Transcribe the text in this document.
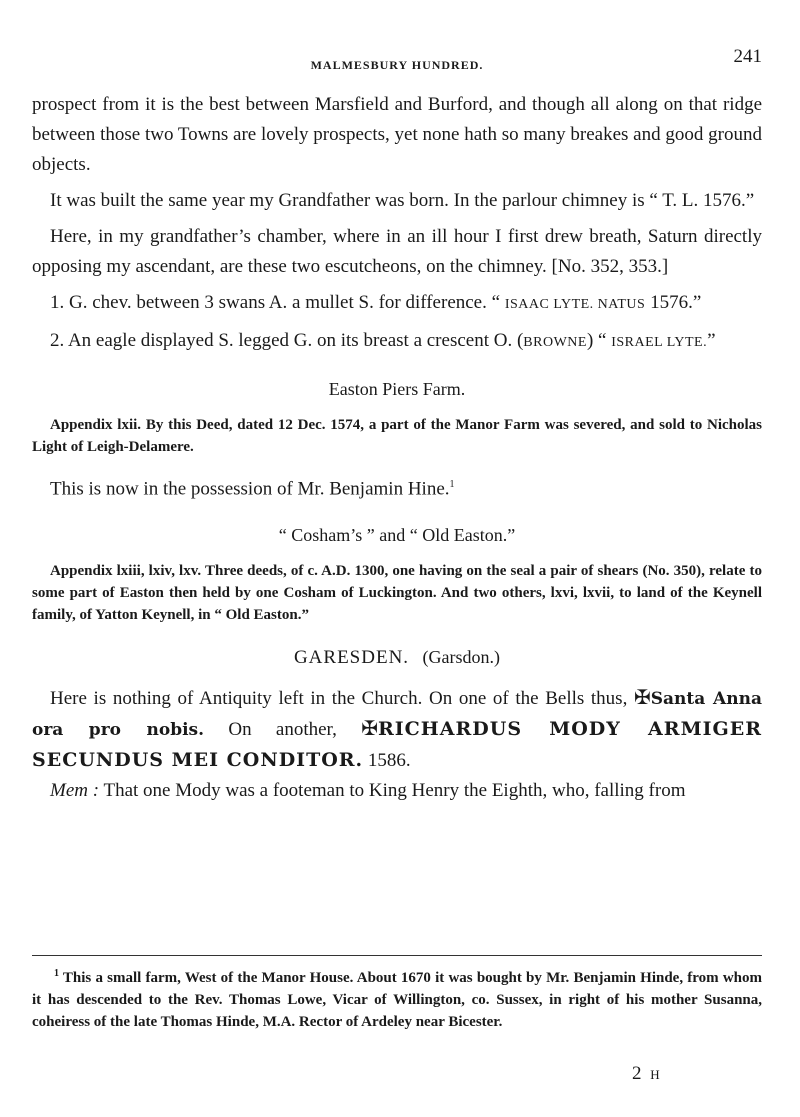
MALMESBURY HUNDRED.	241

prospect from it is the best between Marsfield and Burford, and though all along on that ridge between those two Towns are lovely prospects, yet none hath so many breakes and good ground objects.

It was built the same year my Grandfather was born. In the parlour chimney is “ T. L. 1576.”

Here, in my grandfather’s chamber, where in an ill hour I first drew breath, Saturn directly opposing my ascendant, are these two escutcheons, on the chimney. [No. 352, 353.]

1. G. chev. between 3 swans A. a mullet S. for difference. “ ISAAC LYTE. NATUS 1576.”

2. An eagle displayed S. legged G. on its breast a crescent O. (BROWNE) “ ISRAEL LYTE.”

Easton Piers Farm.

Appendix lxii. By this Deed, dated 12 Dec. 1574, a part of the Manor Farm was severed, and sold to Nicholas Light of Leigh-Delamere.

This is now in the possession of Mr. Benjamin Hine.$^1$

“ Cosham’s ” and “ Old Easton.”

Appendix lxiii, lxiv, lxv. Three deeds, of c. A.D. 1300, one having on the seal a pair of shears (No. 350), relate to some part of Easton then held by one Cosham of Luckington. And two others, lxvi, lxvii, to land of the Keynell family, of Yatton Keynell, in “ Old Easton.”

GARESDEN. (Garsdon.)

Here is nothing of Antiquity left in the Church. On one of the Bells thus, ✠Santa Anna ora pro nobis. On another, ✠RICHARDUS MODY ARMIGER SECUNDUS MEI CONDITOR. 1586.

Mem : That one Mody was a footeman to King Henry the Eighth, who, falling from

$^1$ This a small farm, West of the Manor House. About 1670 it was bought by Mr. Benjamin Hinde, from whom it has descended to the Rev. Thomas Lowe, Vicar of Willington, co. Sussex, in right of his mother Susanna, coheiress of the late Thomas Hinde, M.A. Rector of Ardeley near Bicester.

2 H
